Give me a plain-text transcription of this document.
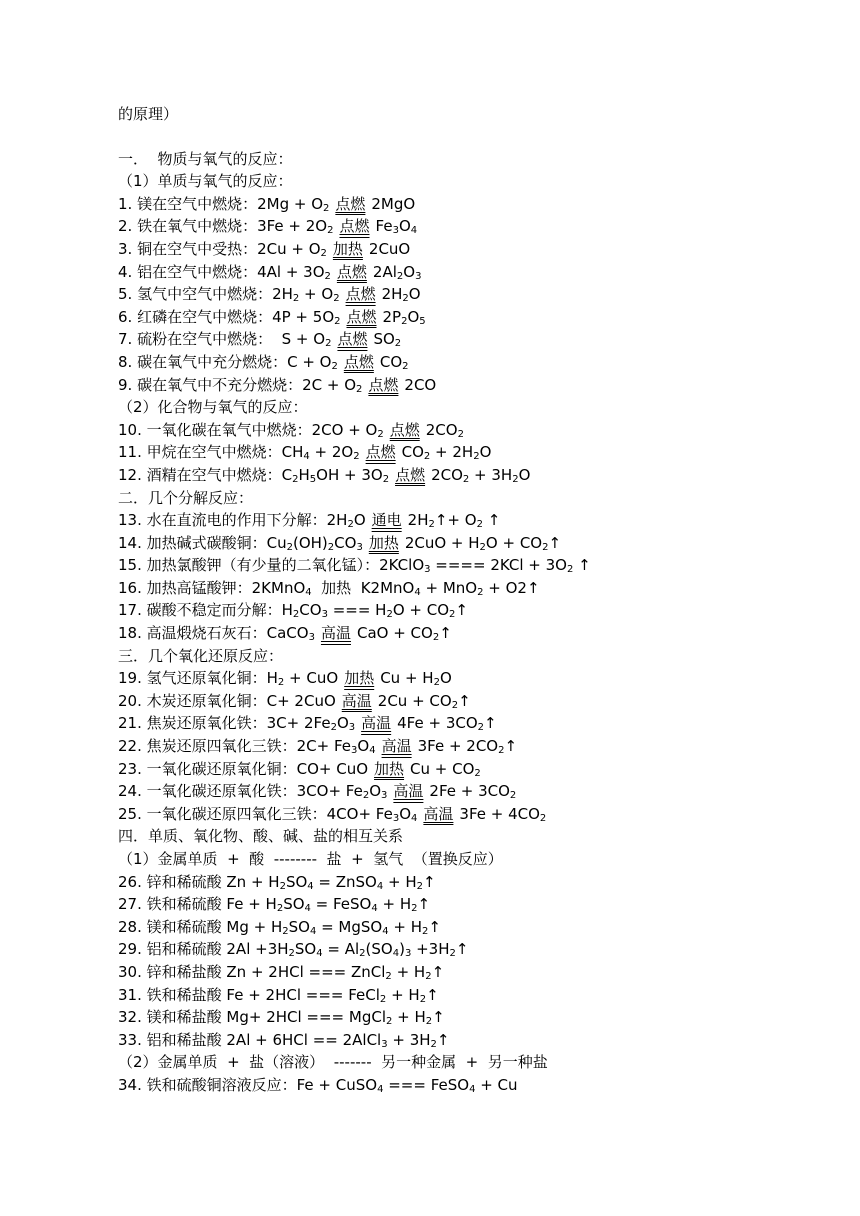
的原理）
一．  物质与氧气的反应：
（1）单质与氧气的反应：
1. 镁在空气中燃烧：$2Mg + O_2$ 点燃 2MgO
2. 铁在氧气中燃烧：$3Fe + 2O_2$ 点燃 $Fe_3O_4$
3. 铜在空气中受热：$2Cu + O_2$ 加热 2CuO
4. 铝在空气中燃烧：$4Al + 3O_2$ 点燃 $2Al_2O_3$
5. 氢气中空气中燃烧：$2H_2 + O_2$ 点燃 $2H_2O$
6. 红磷在空气中燃烧：$4P + 5O_2$ 点燃 $2P_2O_5$
7. 硫粉在空气中燃烧：  $S + O_2$ 点燃 $SO_2$
8. 碳在氧气中充分燃烧：$C + O_2$ 点燃 $CO_2$
9. 碳在氧气中不充分燃烧：$2C + O_2$ 点燃 2CO
（2）化合物与氧气的反应：
10. 一氧化碳在氧气中燃烧：$2CO + O_2$ 点燃 $2CO_2$
11. 甲烷在空气中燃烧：$CH_4 + 2O_2$ 点燃 $CO_2 + 2H_2O$
12. 酒精在空气中燃烧：$C_2H_5OH + 3O_2$ 点燃 $2CO_2 + 3H_2O$
二．几个分解反应：
13. 水在直流电的作用下分解：$2H_2O$ 通电 $2H_2↑+ O_2$ ↑
14. 加热碱式碳酸铜：$Cu_2(OH)_2CO_3$ 加热 $2CuO + H_2O$ + $CO_2↑$
15. 加热氯酸钾（有少量的二氧化锰）：2KClO$_3$ ==== $2KCl + 3O_2$ ↑
16. 加热高锰酸钾：2KMnO$_4$  加热  K2MnO$_4$ + MnO$_2$ + O2↑
17. 碳酸不稳定而分解：$H_2CO_3$ === $H_2O$ + $CO_2↑$
18. 高温煅烧石灰石：CaCO$_3$ 高温 CaO + $CO_2↑$
三．几个氧化还原反应：
19. 氢气还原氧化铜：$H_2$ + CuO 加热 $Cu + H_2O$
20. 木炭还原氧化铜：C+ 2CuO 高温 $2Cu + CO_2↑$
21. 焦炭还原氧化铁：$3C+ 2Fe_2O_3$ 高温 $4Fe + 3CO_2↑$
22. 焦炭还原四氧化三铁：$2C+ Fe_3O_4$ 高温 $3Fe + 2CO_2↑$
23. 一氧化碳还原氧化铜：CO+ CuO 加热 $Cu + CO_2$
24. 一氧化碳还原氧化铁：$3CO+ Fe_2O_3$ 高温 $2Fe + 3CO_2$
25. 一氧化碳还原四氧化三铁：$4CO+ Fe_3O_4$ 高温 $3Fe + 4CO_2$
四．单质、氧化物、酸、碱、盐的相互关系
（1）金属单质  +  酸  --------  盐  +  氢气  （置换反应）
26. 锌和稀硫酸 $Zn + H_2SO_4$ = ZnSO$_4$ + $H_2↑$
27. 铁和稀硫酸 $Fe + H_2SO_4$ = FeSO$_4$ + $H_2↑$
28. 镁和稀硫酸 $Mg + H_2SO_4$ = MgSO$_4$ + $H_2↑$
29. 铝和稀硫酸 $2Al +3H_2SO_4 = Al_2(SO_4)_3$ $+3H_2↑$
30. 锌和稀盐酸 Zn + 2HCl === ZnCl$_2$ + $H_2↑$
31. 铁和稀盐酸 Fe + 2HCl === FeCl$_2$ + $H_2↑$
32. 镁和稀盐酸 Mg+ 2HCl === MgCl$_2$ + $H_2↑$
33. 铝和稀盐酸 2Al + 6HCl == 2AlCl$_3$ + $3H_2↑$
（2）金属单质  +  盐（溶液）  -------  另一种金属  +  另一种盐
34. 铁和硫酸铜溶液反应：Fe + CuSO$_4$ === FeSO$_4$ + Cu
